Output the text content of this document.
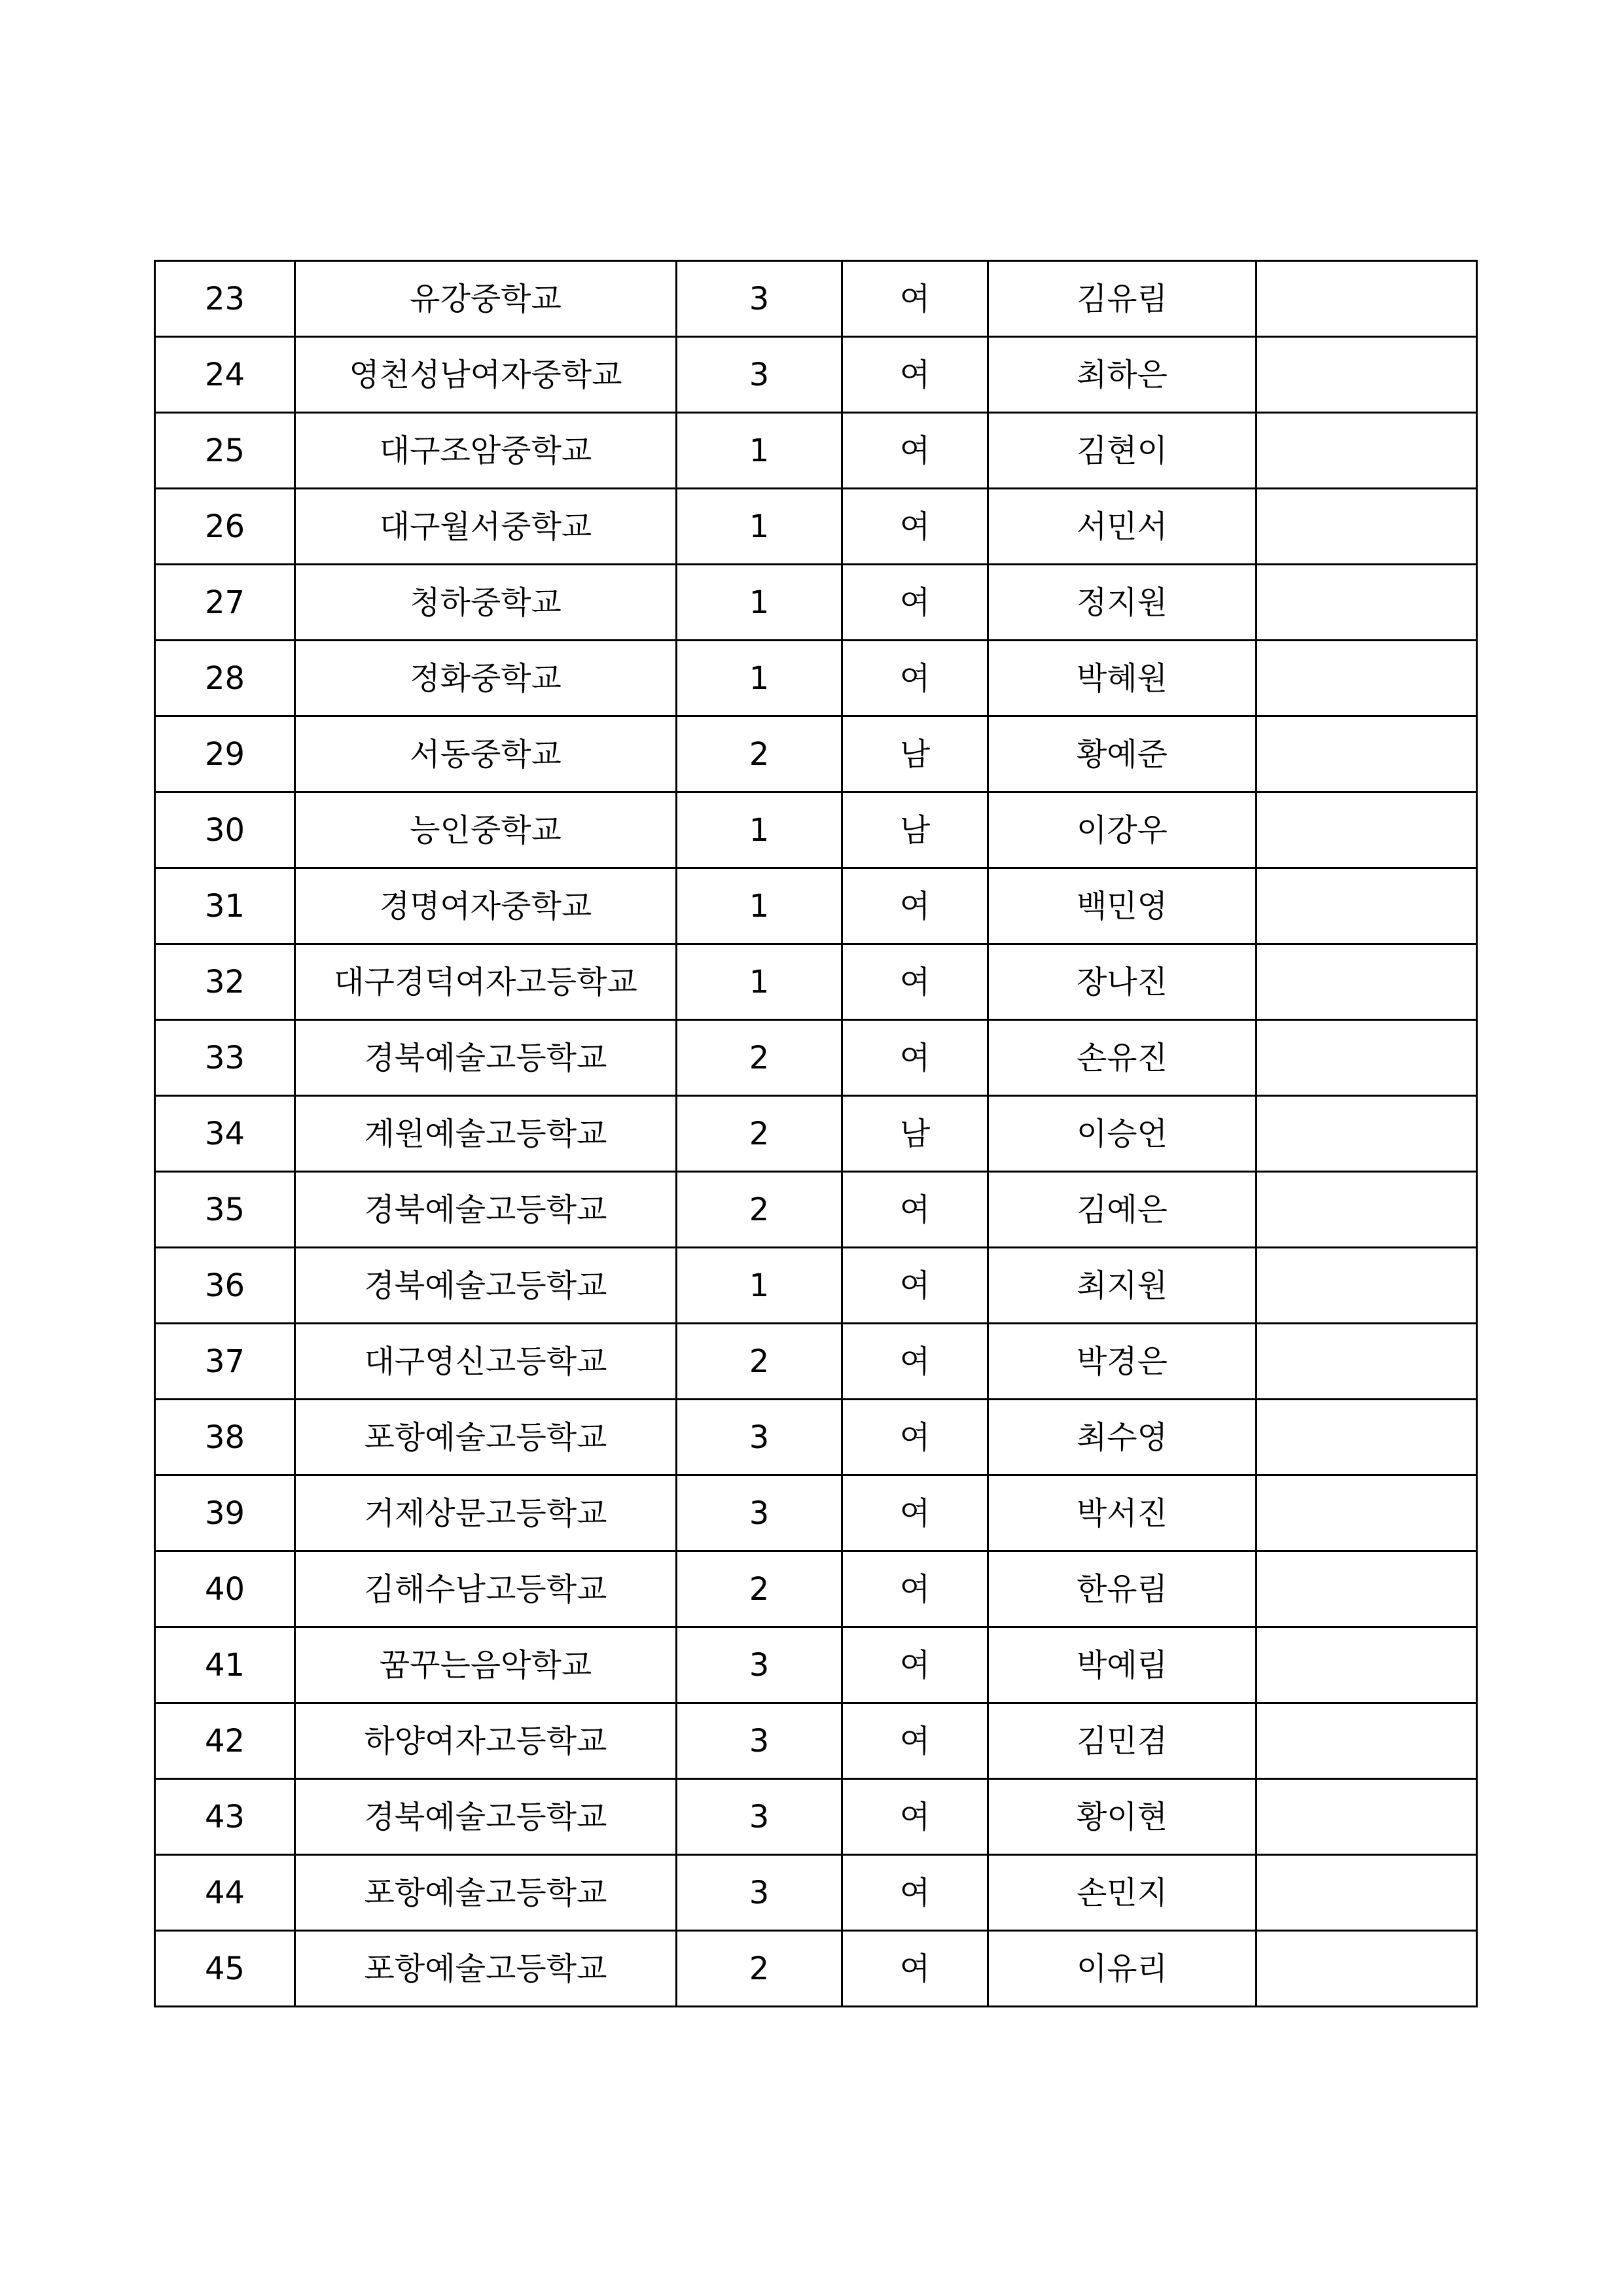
23	유강중학교	3	여	김유림	
24	영천성남여자중학교	3	여	최하은	
25	대구조암중학교	1	여	김현이	
26	대구월서중학교	1	여	서민서	
27	청하중학교	1	여	정지원	
28	정화중학교	1	여	박혜원	
29	서동중학교	2	남	황예준	
30	능인중학교	1	남	이강우	
31	경명여자중학교	1	여	백민영	
32	대구경덕여자고등학교	1	여	장나진	
33	경북예술고등학교	2	여	손유진	
34	계원예술고등학교	2	남	이승언	
35	경북예술고등학교	2	여	김예은	
36	경북예술고등학교	1	여	최지원	
37	대구영신고등학교	2	여	박경은	
38	포항예술고등학교	3	여	최수영	
39	거제상문고등학교	3	여	박서진	
40	김해수남고등학교	2	여	한유림	
41	꿈꾸는음악학교	3	여	박예림	
42	하양여자고등학교	3	여	김민겸	
43	경북예술고등학교	3	여	황이현	
44	포항예술고등학교	3	여	손민지	
45	포항예술고등학교	2	여	이유리	
